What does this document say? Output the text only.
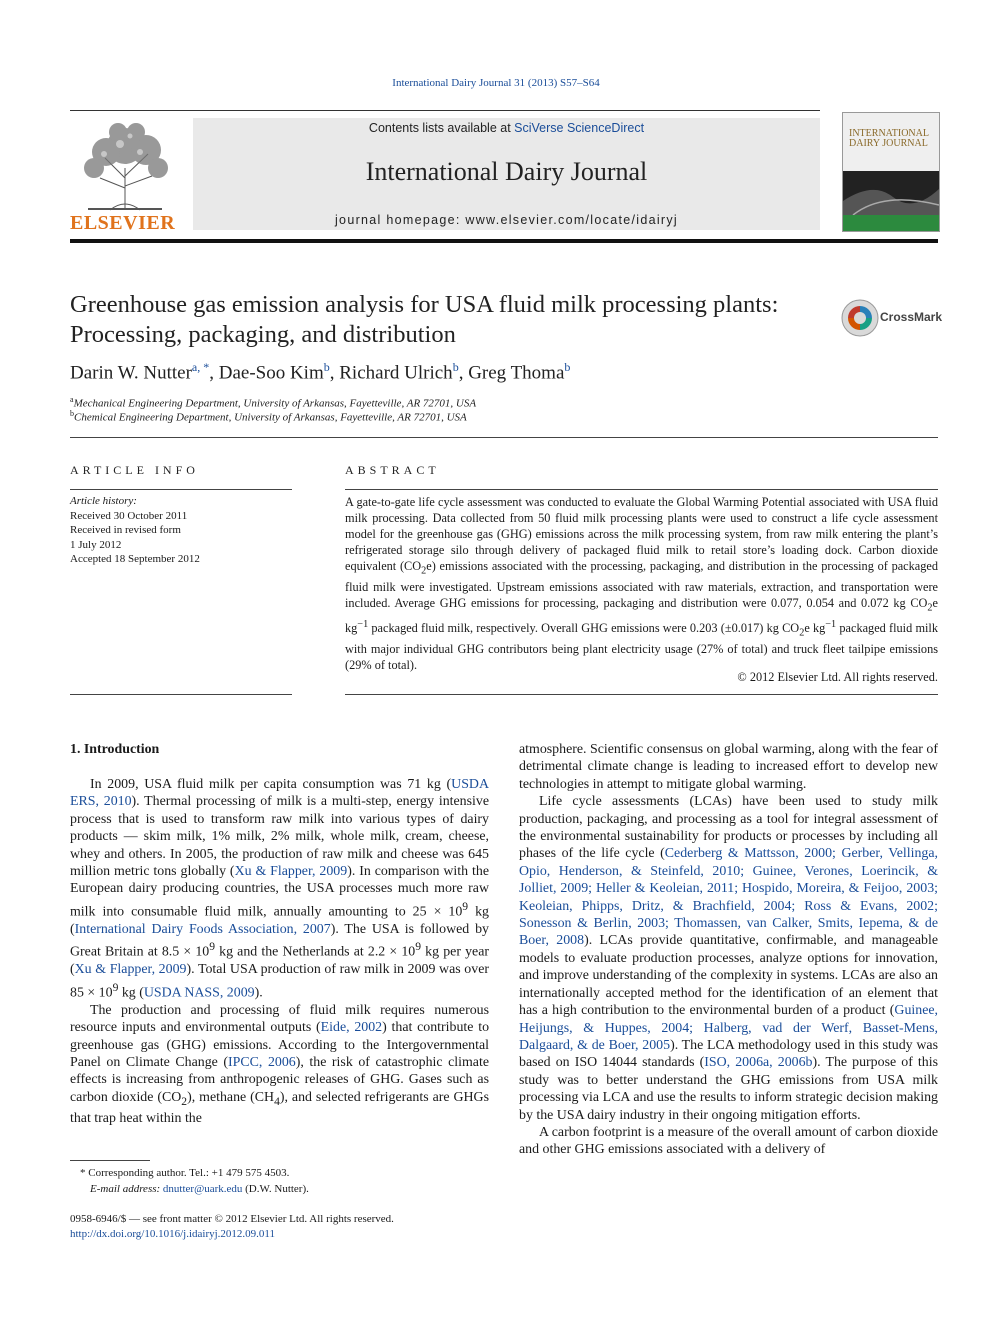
International Dairy Journal 31 (2013) S57–S64
ELSEVIER
Contents lists available at SciVerse ScienceDirect
International Dairy Journal
journal homepage: www.elsevier.com/locate/idairyj
INTERNATIONAL DAIRY JOURNAL
Greenhouse gas emission analysis for USA fluid milk processing plants: Processing, packaging, and distribution
CrossMark
Darin W. Nutter$^{a, *}$, Dae-Soo Kim$^b$, Richard Ulrich$^b$, Greg Thoma$^b$
$^a$Mechanical Engineering Department, University of Arkansas, Fayetteville, AR 72701, USA
$^b$Chemical Engineering Department, University of Arkansas, Fayetteville, AR 72701, USA
ARTICLE INFO
Article history:
Received 30 October 2011
Received in revised form
1 July 2012
Accepted 18 September 2012
ABSTRACT
A gate-to-gate life cycle assessment was conducted to evaluate the Global Warming Potential associated with USA fluid milk processing. Data collected from 50 fluid milk processing plants were used to construct a life cycle assessment model for the greenhouse gas (GHG) emissions across the milk processing system, from raw milk entering the plant’s refrigerated storage silo through delivery of packaged fluid milk to retail store’s loading dock. Carbon dioxide equivalent $(CO_2e)$ emissions associated with the processing, packaging, and distribution in the processing of packaged fluid milk were investigated. Upstream emissions associated with raw materials, extraction, and transportation were included. Average GHG emissions for processing, packaging and distribution were 0.077, 0.054 and 0.072 kg $CO_2e$ $kg^{-1}$ packaged fluid milk, respectively. Overall GHG emissions were 0.203 (±0.017) kg $CO_2e$ $kg^{-1}$ packaged fluid milk with major individual GHG contributors being plant electricity usage (27% of total) and truck fleet tailpipe emissions (29% of total).
© 2012 Elsevier Ltd. All rights reserved.
1. Introduction

In 2009, USA fluid milk per capita consumption was 71 kg (USDA ERS, 2010). Thermal processing of milk is a multi-step, energy intensive process that is used to transform raw milk into various types of dairy products — skim milk, 1% milk, 2% milk, whole milk, cream, cheese, whey and others. In 2005, the production of raw milk and cheese was 645 million metric tons globally (Xu & Flapper, 2009). In comparison with the European dairy producing countries, the USA processes much more raw milk into consumable fluid milk, annually amounting to $25 \times 10^9$ kg (International Dairy Foods Association, 2007). The USA is followed by Great Britain at $8.5 \times 10^9$ kg and the Netherlands at $2.2 \times 10^9$ kg per year (Xu & Flapper, 2009). Total USA production of raw milk in 2009 was over $85 \times 10^9$ kg (USDA NASS, 2009).

The production and processing of fluid milk requires numerous resource inputs and environmental outputs (Eide, 2002) that contribute to greenhouse gas (GHG) emissions. According to the Intergovernmental Panel on Climate Change (IPCC, 2006), the risk of catastrophic climate effects is increasing from anthropogenic releases of GHG. Gases such as carbon dioxide $(CO_2)$, methane $(CH_4)$, and selected refrigerants are GHGs that trap heat within the

atmosphere. Scientific consensus on global warming, along with the fear of detrimental climate change is leading to increased effort to develop new technologies in attempt to mitigate global warming.

Life cycle assessments (LCAs) have been used to study milk production, packaging, and processing as a tool for integral assessment of the environmental sustainability for products or processes by including all phases of the life cycle (Cederberg & Mattsson, 2000; Gerber, Vellinga, Opio, Henderson, & Steinfeld, 2010; Guinee, Verones, Loerincik, & Jolliet, 2009; Heller & Keoleian, 2011; Hospido, Moreira, & Feijoo, 2003; Keoleian, Phipps, Dritz, & Brachfield, 2004; Ross & Evans, 2002; Sonesson & Berlin, 2003; Thomassen, van Calker, Smits, Iepema, & de Boer, 2008). LCAs provide quantitative, confirmable, and manageable models to evaluate production processes, analyze options for innovation, and improve understanding of the complexity in systems. LCAs are also an internationally accepted method for the identification of an element that has a high contribution to the environmental burden of a product (Guinee, Heijungs, & Huppes, 2004; Halberg, vad der Werf, Basset-Mens, Dalgaard, & de Boer, 2005). The LCA methodology used in this study was based on ISO 14044 standards (ISO, 2006a, 2006b). The purpose of this study was to better understand the GHG emissions from USA milk processing via LCA and use the results to inform strategic decision making by the USA dairy industry in their ongoing mitigation efforts.

A carbon footprint is a measure of the overall amount of carbon dioxide and other GHG emissions associated with a delivery of

* Corresponding author. Tel.: +1 479 575 4503.
E-mail address: dnutter@uark.edu (D.W. Nutter).
0958-6946/$ — see front matter © 2012 Elsevier Ltd. All rights reserved.
http://dx.doi.org/10.1016/j.idairyj.2012.09.011
